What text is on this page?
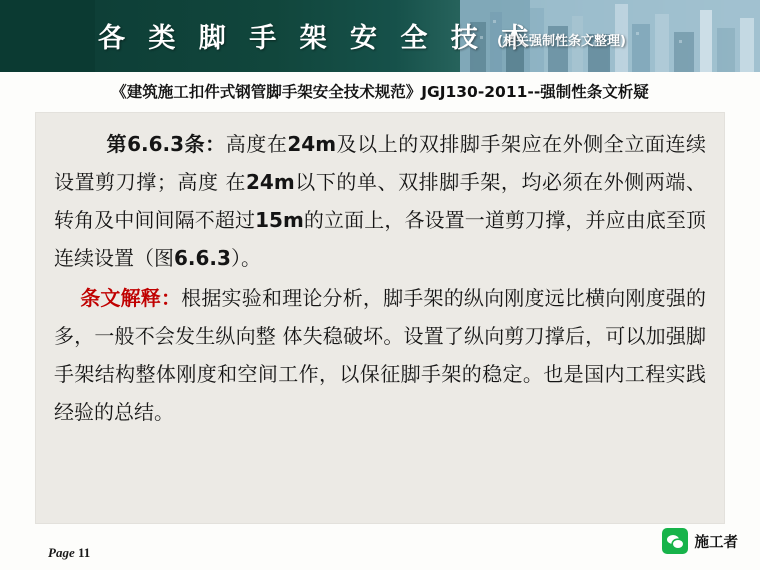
各 类 脚 手 架 安 全 技 术
(相关强制性条文整理)
《建筑施工扣件式钢管脚手架安全技术规范》JGJ130-2011--强制性条文析疑
第6.6.3条：高度在24m及以上的双排脚手架应在外侧全立面连续设置剪刀撑；高度 在24m以下的单、双排脚手架，均必须在外侧两端、转角及中间间隔不超过15m的立面上，各设置一道剪刀撑，并应由底至顶连续设置（图6.6.3）。
条文解释：根据实验和理论分析，脚手架的纵向刚度远比横向刚度强的多，一般不会发生纵向整 体失稳破坏。设置了纵向剪刀撑后，可以加强脚手架结构整体刚度和空间工作，以保征脚手架的稳定。也是国内工程实践经验的总结。
Page 11
施工者
